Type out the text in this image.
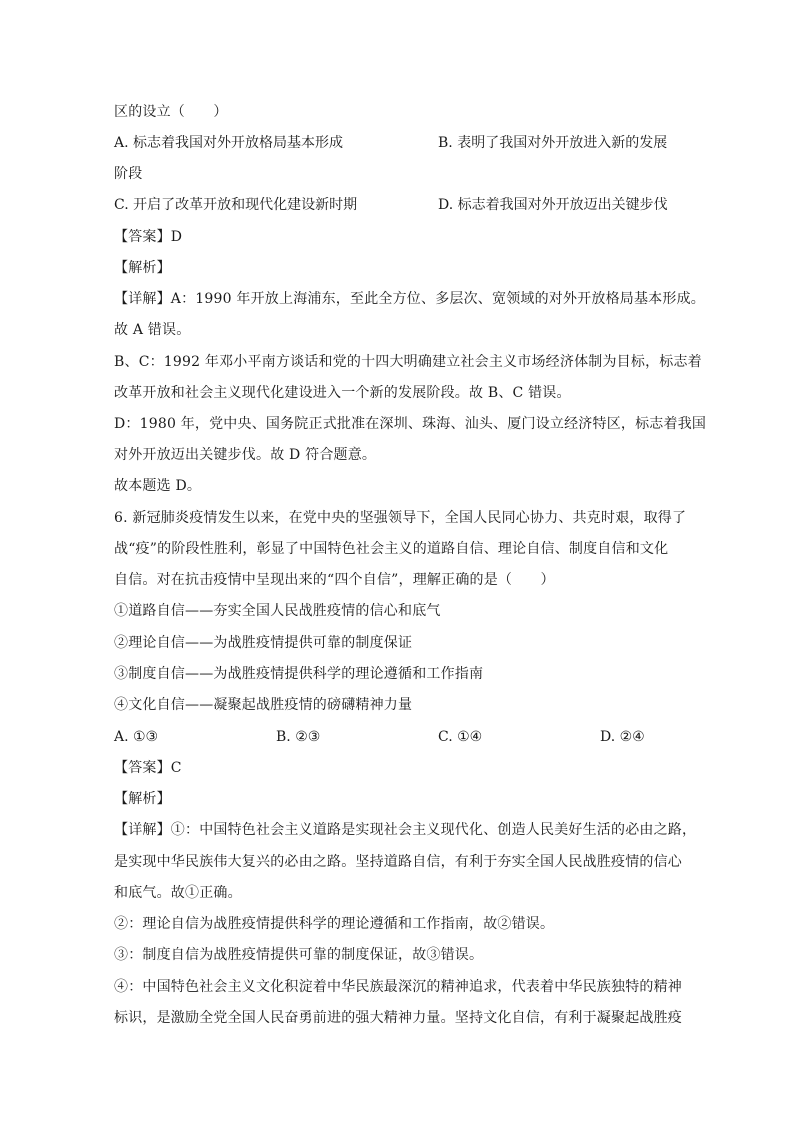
区的设立（　　）
A. 标志着我国对外开放格局基本形成	B. 表明了我国对外开放进入新的发展
阶段
C. 开启了改革开放和现代化建设新时期	D. 标志着我国对外开放迈出关键步伐
【答案】D
【解析】
【详解】A：1990 年开放上海浦东，至此全方位、多层次、宽领域的对外开放格局基本形成。
故 A 错误。
B、C：1992 年邓小平南方谈话和党的十四大明确建立社会主义市场经济体制为目标，标志着
改革开放和社会主义现代化建设进入一个新的发展阶段。故 B、C 错误。
D：1980 年，党中央、国务院正式批准在深圳、珠海、汕头、厦门设立经济特区，标志着我国
对外开放迈出关键步伐。故 D 符合题意。
故本题选 D。
6. 新冠肺炎疫情发生以来，在党中央的坚强领导下，全国人民同心协力、共克时艰，取得了
战“疫”的阶段性胜利，彰显了中国特色社会主义的道路自信、理论自信、制度自信和文化
自信。对在抗击疫情中呈现出来的“四个自信”，理解正确的是（　　）
①道路自信——夯实全国人民战胜疫情的信心和底气
②理论自信——为战胜疫情提供可靠的制度保证
③制度自信——为战胜疫情提供科学的理论遵循和工作指南
④文化自信——凝聚起战胜疫情的磅礴精神力量
A. ①③	B. ②③	C. ①④	D. ②④
【答案】C
【解析】
【详解】①：中国特色社会主义道路是实现社会主义现代化、创造人民美好生活的必由之路，
是实现中华民族伟大复兴的必由之路。坚持道路自信，有利于夯实全国人民战胜疫情的信心
和底气。故①正确。
②：理论自信为战胜疫情提供科学的理论遵循和工作指南，故②错误。
③：制度自信为战胜疫情提供可靠的制度保证，故③错误。
④：中国特色社会主义文化积淀着中华民族最深沉的精神追求，代表着中华民族独特的精神
标识，是激励全党全国人民奋勇前进的强大精神力量。坚持文化自信，有利于凝聚起战胜疫
